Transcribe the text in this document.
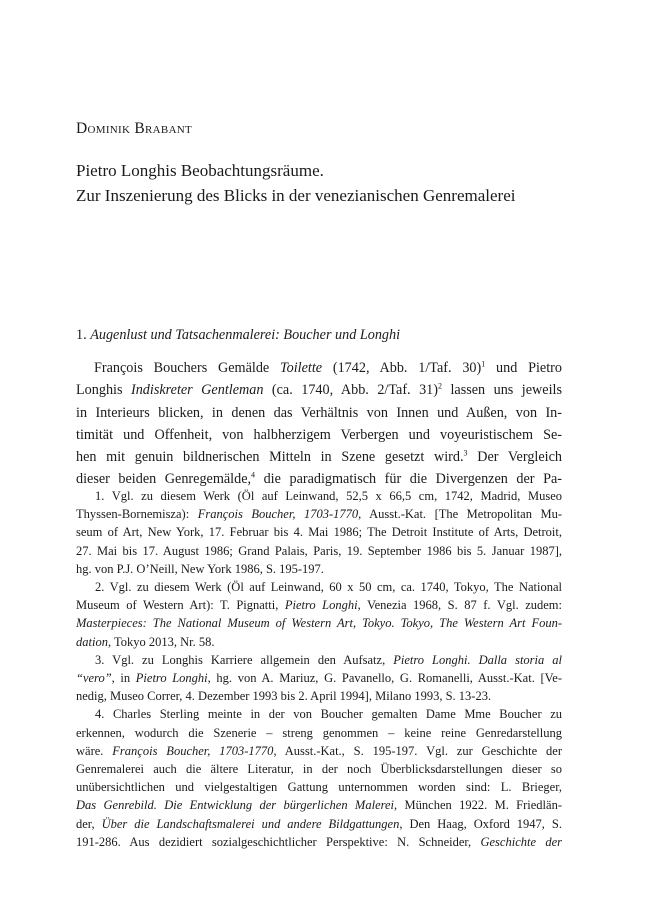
Dominik Brabant
Pietro Longhis Beobachtungsräume.
Zur Inszenierung des Blicks in der venezianischen Genremalerei
1. Augenlust und Tatsachenmalerei: Boucher und Longhi
François Bouchers Gemälde Toilette (1742, Abb. 1/Taf. 30)$^1$ und Pietro
Longhis Indiskreter Gentleman (ca. 1740, Abb. 2/Taf. 31)$^2$ lassen uns jeweils
in Interieurs blicken, in denen das Verhältnis von Innen und Außen, von In-
timität und Offenheit, von halbherzigem Verbergen und voyeuristischem Se-
hen mit genuin bildnerischen Mitteln in Szene gesetzt wird.$^3$ Der Vergleich
dieser beiden Genregemälde,$^4$ die paradigmatisch für die Divergenzen der Pa-
1. Vgl. zu diesem Werk (Öl auf Leinwand, 52,5 x 66,5 cm, 1742, Madrid, Museo
Thyssen-Bornemisza): François Boucher, 1703-1770, Ausst.-Kat. [The Metropolitan Mu-
seum of Art, New York, 17. Februar bis 4. Mai 1986; The Detroit Institute of Arts, Detroit,
27. Mai bis 17. August 1986; Grand Palais, Paris, 19. September 1986 bis 5. Januar 1987],
hg. von P.J. O’Neill, New York 1986, S. 195-197.
2. Vgl. zu diesem Werk (Öl auf Leinwand, 60 x 50 cm, ca. 1740, Tokyo, The National
Museum of Western Art): T. Pignatti, Pietro Longhi, Venezia 1968, S. 87 f. Vgl. zudem:
Masterpieces: The National Museum of Western Art, Tokyo. Tokyo, The Western Art Foun-
dation, Tokyo 2013, Nr. 58.
3. Vgl. zu Longhis Karriere allgemein den Aufsatz, Pietro Longhi. Dalla storia al
“vero”, in Pietro Longhi, hg. von A. Mariuz, G. Pavanello, G. Romanelli, Ausst.-Kat. [Ve-
nedig, Museo Correr, 4. Dezember 1993 bis 2. April 1994], Milano 1993, S. 13-23.
4. Charles Sterling meinte in der von Boucher gemalten Dame Mme Boucher zu
erkennen, wodurch die Szenerie – streng genommen – keine reine Genredarstellung
wäre. François Boucher, 1703-1770, Ausst.-Kat., S. 195-197. Vgl. zur Geschichte der
Genremalerei auch die ältere Literatur, in der noch Überblicksdarstellungen dieser so
unübersichtlichen und vielgestaltigen Gattung unternommen worden sind: L. Brieger,
Das Genrebild. Die Entwicklung der bürgerlichen Malerei, München 1922. M. Friedlän-
der, Über die Landschaftsmalerei und andere Bildgattungen, Den Haag, Oxford 1947, S.
191-286. Aus dezidiert sozialgeschichtlicher Perspektive: N. Schneider, Geschichte der
